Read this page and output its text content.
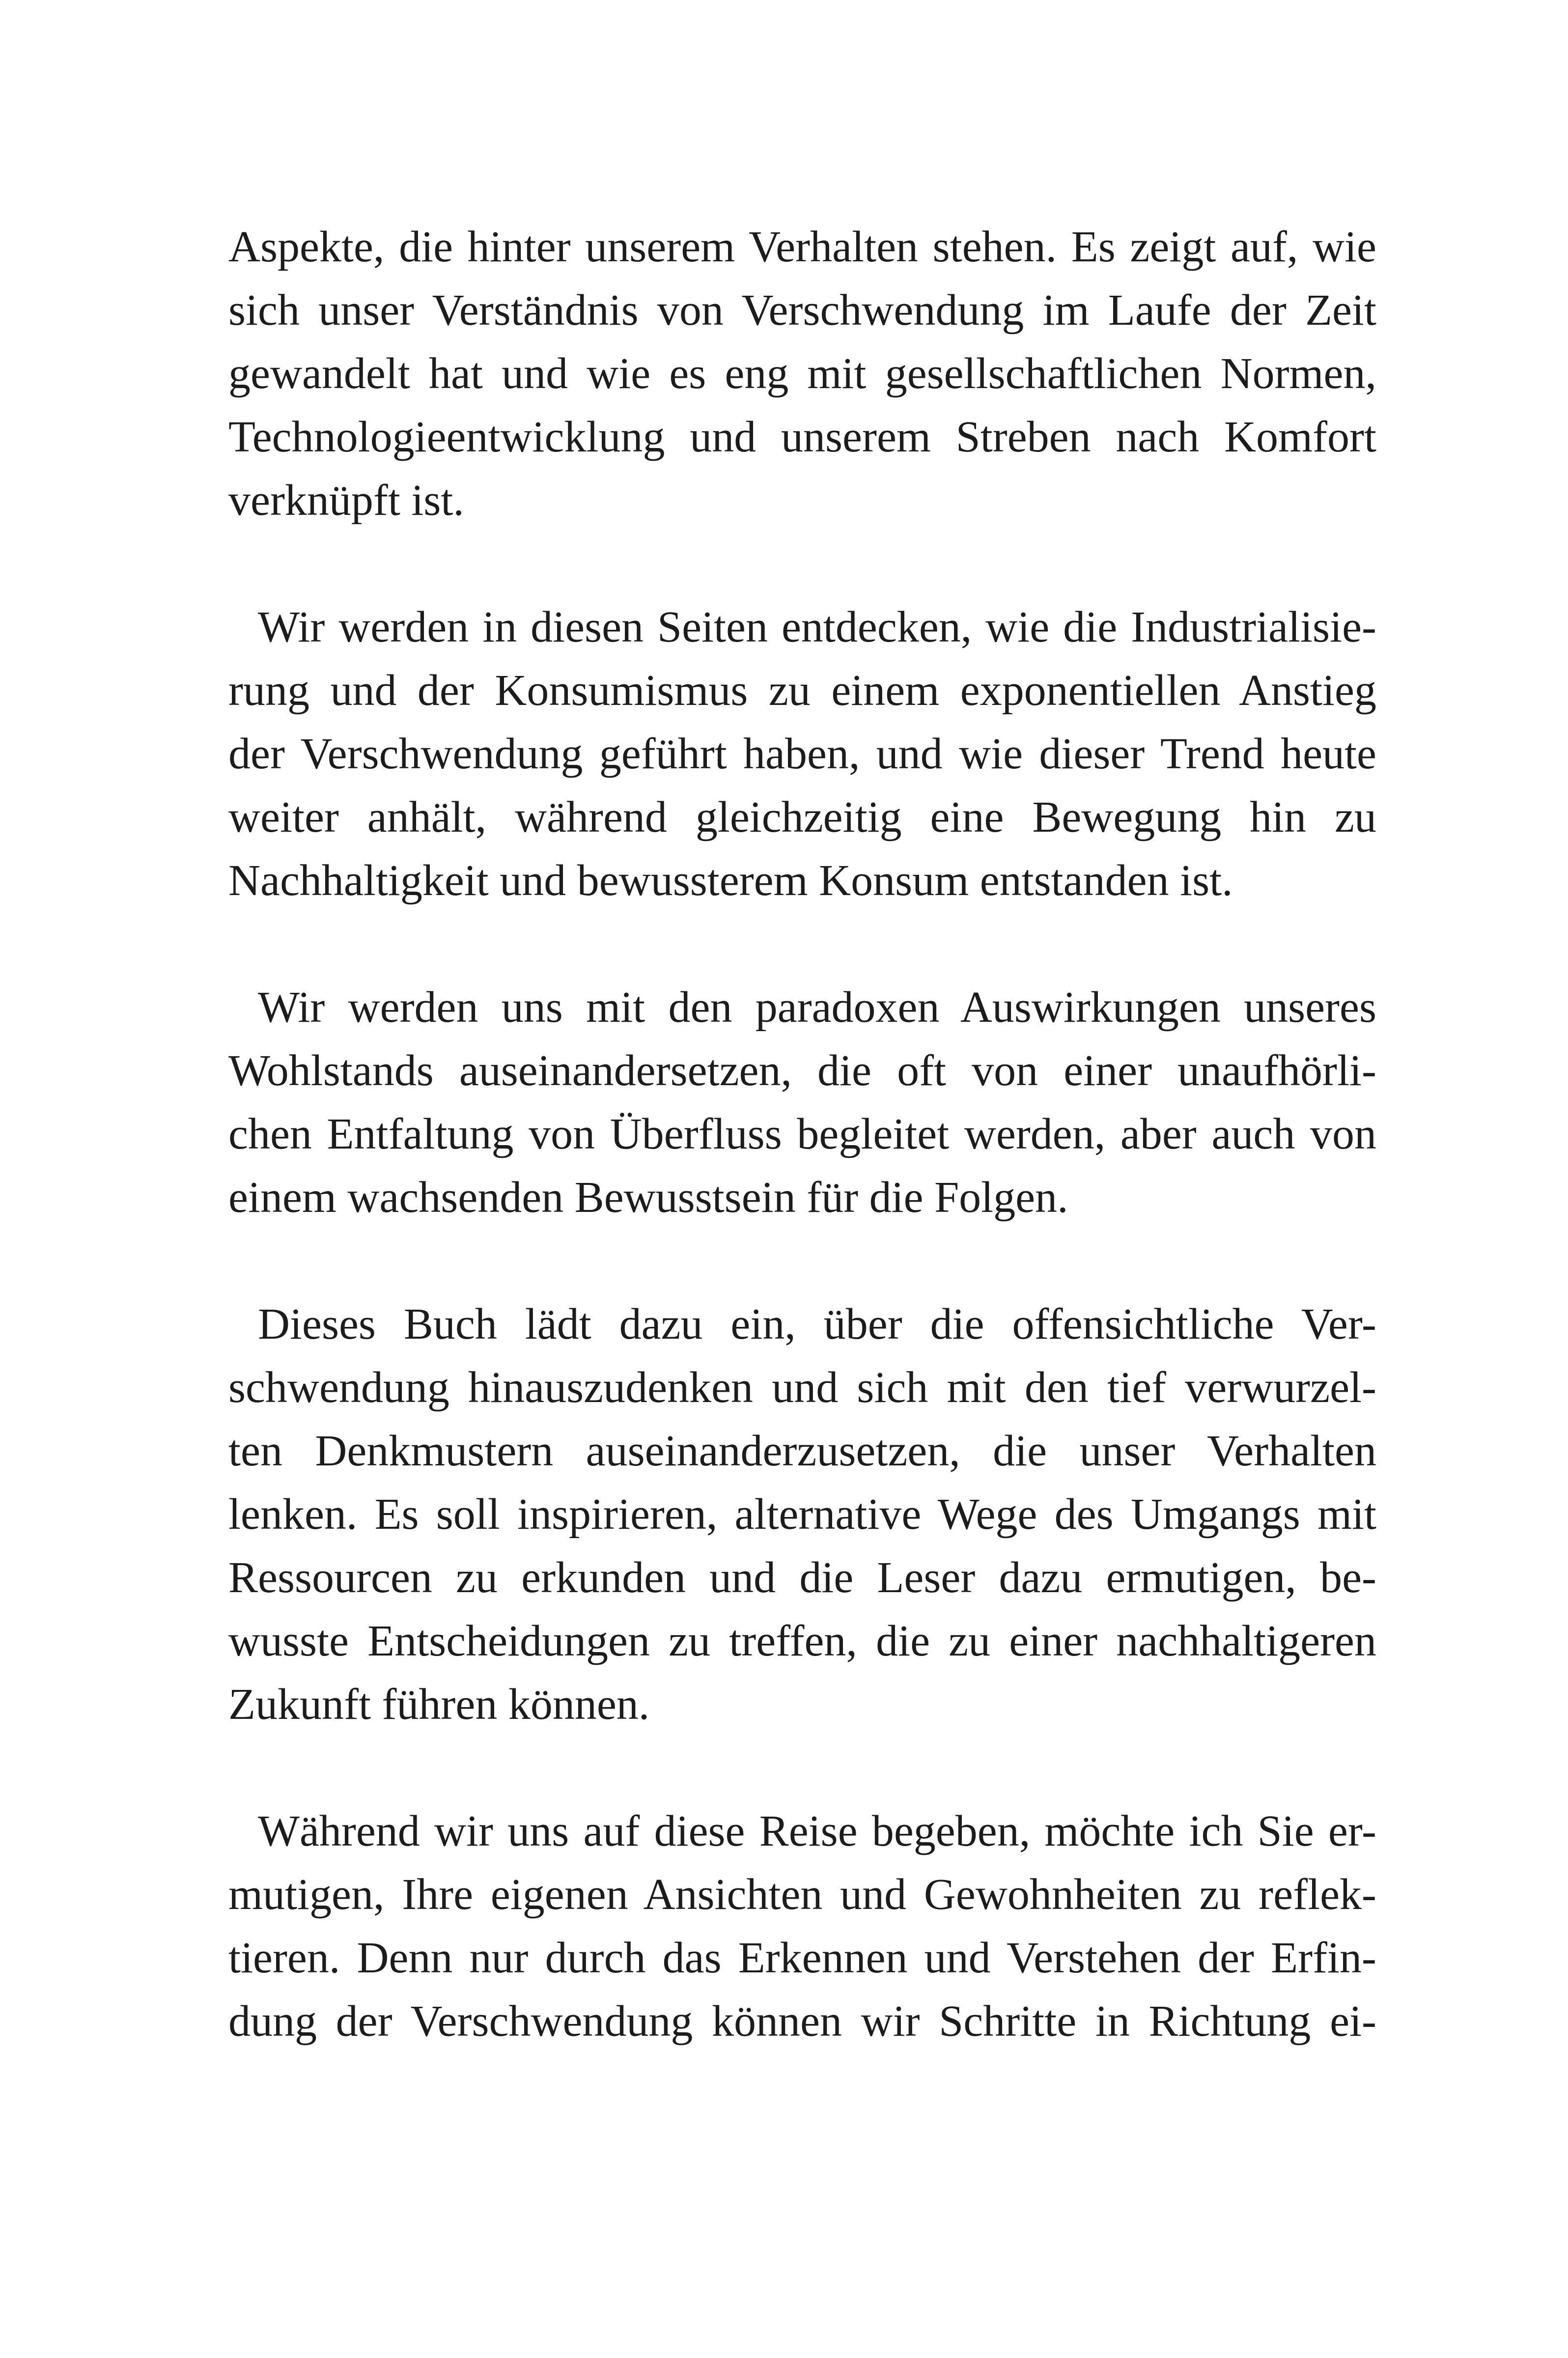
Aspekte, die hinter unserem Verhalten stehen. Es zeigt auf, wie
sich unser Verständnis von Verschwendung im Laufe der Zeit
gewandelt hat und wie es eng mit gesellschaftlichen Normen,
Technologieentwicklung und unserem Streben nach Komfort
verknüpft ist.

Wir werden in diesen Seiten entdecken, wie die Industrialisie-
rung und der Konsumismus zu einem exponentiellen Anstieg
der Verschwendung geführt haben, und wie dieser Trend heute
weiter anhält, während gleichzeitig eine Bewegung hin zu
Nachhaltigkeit und bewussterem Konsum entstanden ist.

Wir werden uns mit den paradoxen Auswirkungen unseres
Wohlstands auseinandersetzen, die oft von einer unaufhörli-
chen Entfaltung von Überfluss begleitet werden, aber auch von
einem wachsenden Bewusstsein für die Folgen.

Dieses Buch lädt dazu ein, über die offensichtliche Ver-
schwendung hinauszudenken und sich mit den tief verwurzel-
ten Denkmustern auseinanderzusetzen, die unser Verhalten
lenken. Es soll inspirieren, alternative Wege des Umgangs mit
Ressourcen zu erkunden und die Leser dazu ermutigen, be-
wusste Entscheidungen zu treffen, die zu einer nachhaltigeren
Zukunft führen können.

Während wir uns auf diese Reise begeben, möchte ich Sie er-
mutigen, Ihre eigenen Ansichten und Gewohnheiten zu reflek-
tieren. Denn nur durch das Erkennen und Verstehen der Erfin-
dung der Verschwendung können wir Schritte in Richtung ei-
